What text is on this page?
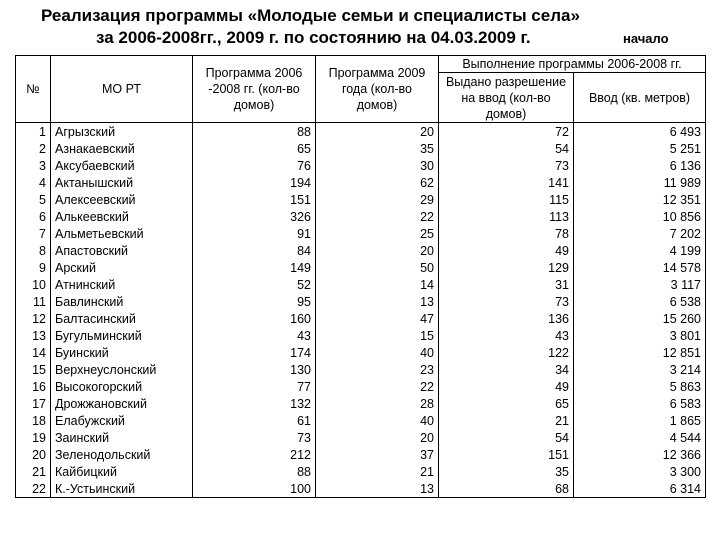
Реализация программы «Молодые семьи и специалисты села»
за 2006-2008гг., 2009 г. по состоянию на 04.03.2009 г.	начало
№	МО РТ	Программа 2006 -2008 гг. (кол-во домов)	Программа 2009 года (кол-во домов)	Выполнение программы 2006-2008 гг.	
				Выдано разрешение на ввод (кол-во домов)	Ввод (кв. метров)
1	Агрызский	88	20	72	6 493
2	Азнакаевский	65	35	54	5 251
3	Аксубаевский	76	30	73	6 136
4	Актанышский	194	62	141	11 989
5	Алексеевский	151	29	115	12 351
6	Алькеевский	326	22	113	10 856
7	Альметьевский	91	25	78	7 202
8	Апастовский	84	20	49	4 199
9	Арский	149	50	129	14 578
10	Атнинский	52	14	31	3 117
11	Бавлинский	95	13	73	6 538
12	Балтасинский	160	47	136	15 260
13	Бугульминский	43	15	43	3 801
14	Буинский	174	40	122	12 851
15	Верхнеуслонский	130	23	34	3 214
16	Высокогорский	77	22	49	5 863
17	Дрожжановский	132	28	65	6 583
18	Елабужский	61	40	21	1 865
19	Заинский	73	20	54	4 544
20	Зеленодольский	212	37	151	12 366
21	Кайбицкий	88	21	35	3 300
22	К.-Устьинский	100	13	68	6 314
